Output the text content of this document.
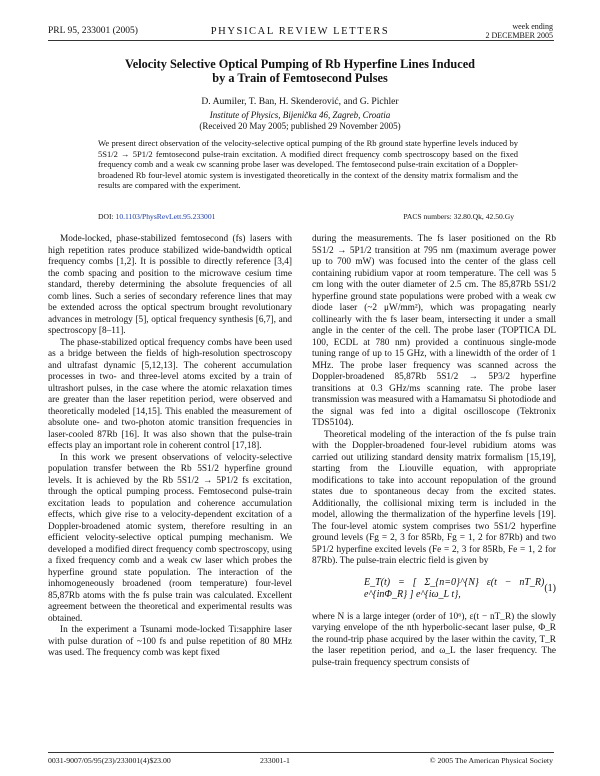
PRL 95, 233001 (2005)	PHYSICAL REVIEW LETTERS	week ending
2 DECEMBER 2005
Velocity Selective Optical Pumping of Rb Hyperfine Lines Induced
by a Train of Femtosecond Pulses
D. Aumiler, T. Ban, H. Skenderović, and G. Pichler
Institute of Physics, Bijenička 46, Zagreb, Croatia
(Received 20 May 2005; published 29 November 2005)
We present direct observation of the velocity-selective optical pumping of the Rb ground state hyperfine levels induced by 5S1/2 → 5P1/2 femtosecond pulse-train excitation. A modified direct frequency comb spectroscopy based on the fixed frequency comb and a weak cw scanning probe laser was developed. The femtosecond pulse-train excitation of a Doppler-broadened Rb four-level atomic system is investigated theoretically in the context of the density matrix formalism and the results are compared with the experiment.
DOI: 10.1103/PhysRevLett.95.233001	PACS numbers: 32.80.Qk, 42.50.Gy

Mode-locked, phase-stabilized femtosecond (fs) lasers with high repetition rates produce stabilized wide-bandwidth optical frequency combs [1,2]. It is possible to directly reference [3,4] the comb spacing and position to the microwave cesium time standard, thereby determining the absolute frequencies of all comb lines. Such a series of secondary reference lines that may be extended across the optical spectrum brought revolutionary advances in metrology [5], optical frequency synthesis [6,7], and spectroscopy [8–11].

The phase-stabilized optical frequency combs have been used as a bridge between the fields of high-resolution spectroscopy and ultrafast dynamic [5,12,13]. The coherent accumulation processes in two- and three-level atoms excited by a train of ultrashort pulses, in the case where the atomic relaxation times are greater than the laser repetition period, were observed and theoretically modeled [14,15]. This enabled the measurement of absolute one- and two-photon atomic transition frequencies in laser-cooled 87Rb [16]. It was also shown that the pulse-train effects play an important role in coherent control [17,18].

In this work we present observations of velocity-selective population transfer between the Rb 5S1/2 hyperfine ground levels. It is achieved by the Rb 5S1/2 → 5P1/2 fs excitation, through the optical pumping process. Femtosecond pulse-train excitation leads to population and coherence accumulation effects, which give rise to a velocity-dependent excitation of a Doppler-broadened atomic system, therefore resulting in an efficient velocity-selective optical pumping mechanism. We developed a modified direct frequency comb spectroscopy, using a fixed frequency comb and a weak cw laser which probes the hyperfine ground state population. The interaction of the inhomogeneously broadened (room temperature) four-level 85,87Rb atoms with the fs pulse train was calculated. Excellent agreement between the theoretical and experimental results was obtained.

In the experiment a Tsunami mode-locked Ti:sapphire laser with pulse duration of ~100 fs and pulse repetition of 80 MHz was used. The frequency comb was kept fixed

during the measurements. The fs laser positioned on the Rb 5S1/2 → 5P1/2 transition at 795 nm (maximum average power up to 700 mW) was focused into the center of the glass cell containing rubidium vapor at room temperature. The cell was 5 cm long with the outer diameter of 2.5 cm. The 85,87Rb 5S1/2 hyperfine ground state populations were probed with a weak cw diode laser (~2 μW/mm²), which was propagating nearly collinearly with the fs laser beam, intersecting it under a small angle in the center of the cell. The probe laser (TOPTICA DL 100, ECDL at 780 nm) provided a continuous single-mode tuning range of up to 15 GHz, with a linewidth of the order of 1 MHz. The probe laser frequency was scanned across the Doppler-broadened 85,87Rb 5S1/2 → 5P3/2 hyperfine transitions at 0.3 GHz/ms scanning rate. The probe laser transmission was measured with a Hamamatsu Si photodiode and the signal was fed into a digital oscilloscope (Tektronix TDS5104).

Theoretical modeling of the interaction of the fs pulse train with the Doppler-broadened four-level rubidium atoms was carried out utilizing standard density matrix formalism [15,19], starting from the Liouville equation, with appropriate modifications to take into account repopulation of the ground states due to spontaneous decay from the excited states. Additionally, the collisional mixing term is included in the model, allowing the thermalization of the hyperfine levels [19]. The four-level atomic system comprises two 5S1/2 hyperfine ground levels (Fg = 2, 3 for 85Rb, Fg = 1, 2 for 87Rb) and two 5P1/2 hyperfine excited levels (Fe = 2, 3 for 85Rb, Fe = 1, 2 for 87Rb). The pulse-train electric field is given by

E_T(t) = [ Σ_{n=0}^{N} ε(t − nT_R) e^{inΦ_R} ] e^{iω_L t},
(1)

where N is a large integer (order of 10⁶), ε(t − nT_R) the slowly varying envelope of the nth hyperbolic-secant laser pulse, Φ_R the round-trip phase acquired by the laser within the cavity, T_R the laser repetition period, and ω_L the laser frequency. The pulse-train frequency spectrum consists of

0031-9007/05/95(23)/233001(4)$23.00	233001-1	© 2005 The American Physical Society
